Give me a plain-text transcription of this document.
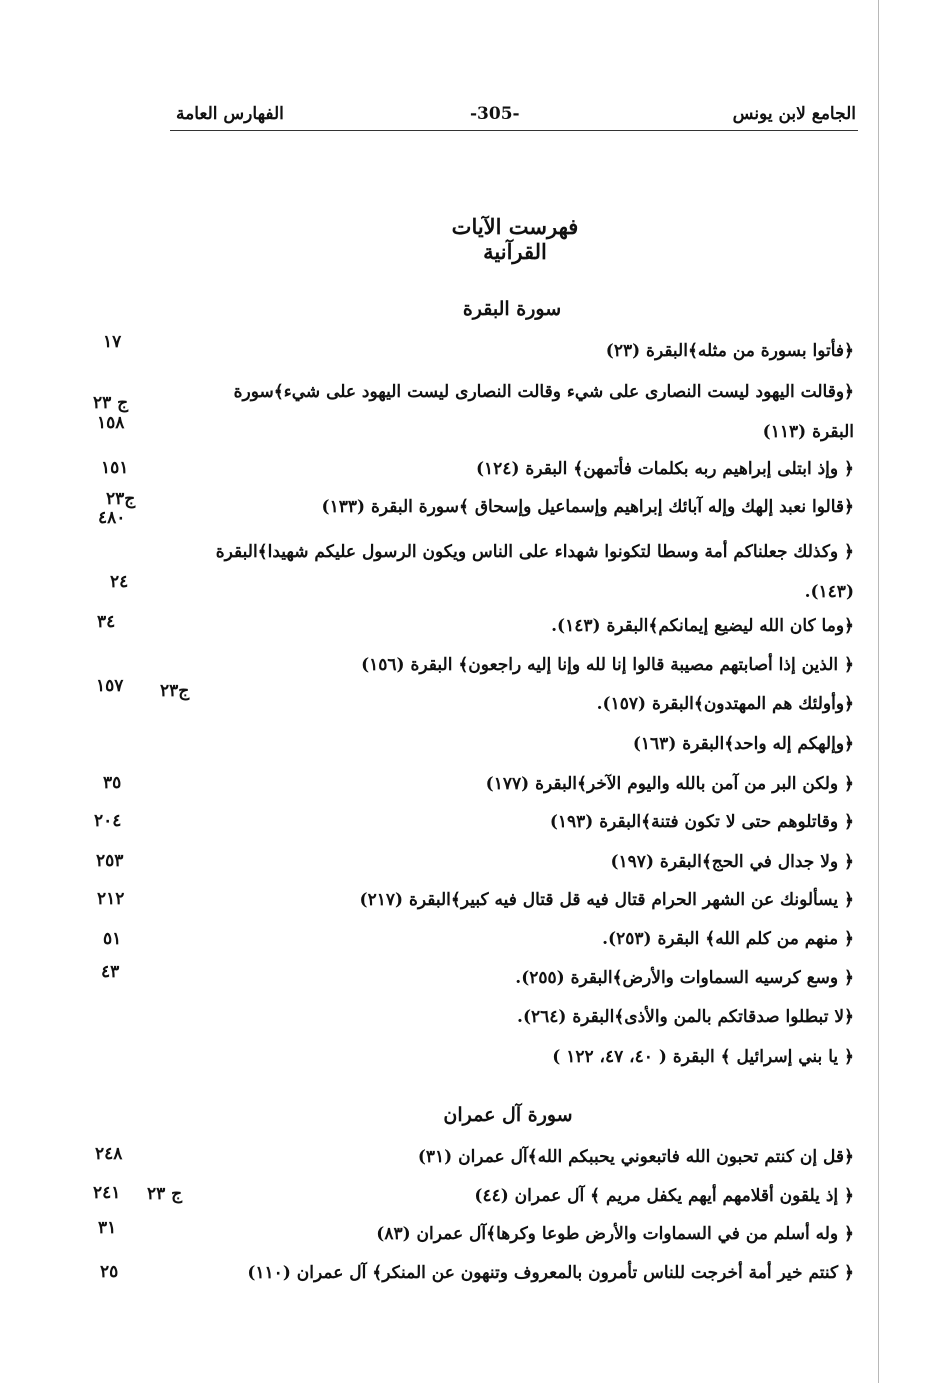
الجامع لابن يونس
-305-
الفهارس العامة
فهرست الآيات القرآنية
سورة البقرة
﴿فأتوا بسورة من مثله﴾البقرة (٢٣)
﴿وقالت اليهود ليست النصارى على شيء وقالت النصارى ليست اليهود على شيء﴾سورة البقرة (١١٣)
﴿ وإذ ابتلى إبراهيم ربه بكلمات فأتمهن﴾ البقرة (١٢٤)
﴿قالوا نعبد إلهك وإله آبائك إبراهيم وإسماعيل وإسحاق ﴾سورة البقرة (١٣٣)
﴿ وكذلك جعلناكم أمة وسطا لتكونوا شهداء على الناس ويكون الرسول عليكم شهيدا﴾البقرة (١٤٣).
﴿وما كان الله ليضيع إيمانكم﴾البقرة (١٤٣).
﴿ الذين إذا أصابتهم مصيبة قالوا إنا لله وإنا إليه راجعون﴾ البقرة (١٥٦)
﴿وأولئك هم المهتدون﴾البقرة (١٥٧).
﴿وإلهكم إله واحد﴾البقرة (١٦٣)
﴿ ولكن البر من آمن بالله واليوم الآخر﴾البقرة (١٧٧)
﴿ وقاتلوهم حتى لا تكون فتنة﴾البقرة (١٩٣)
﴿ ولا جدال في الحج﴾البقرة (١٩٧)
﴿ يسألونك عن الشهر الحرام قتال فيه قل قتال فيه كبير﴾البقرة (٢١٧)
﴿ منهم من كلم الله﴾ البقرة (٢٥٣).
﴿ وسع كرسيه السماوات والأرض﴾البقرة (٢٥٥).
﴿لا تبطلوا صدقاتكم بالمن والأذى﴾البقرة (٢٦٤).
﴿ يا بني إسرائيل ﴾ البقرة ( ٤٠، ٤٧، ١٢٢ )
سورة آل عمران
﴿قل إن كنتم تحبون الله فاتبعوني يحببكم الله﴾آل عمران (٣١)
﴿ إذ يلقون أقلامهم أيهم يكفل مريم ﴾ آل عمران (٤٤)
﴿ وله أسلم من في السماوات والأرض طوعا وكرها﴾آل عمران (٨٣)
﴿ كنتم خير أمة أخرجت للناس تأمرون بالمعروف وتنهون عن المنكر﴾ آل عمران (١١٠)
١٧
ج ٢٣
١٥٨
١٥١
ج٢٣
٤٨٠
٢٤
٣٤
١٥٧ ج٢٣
٣٥
٢٠٤
٢٥٣
٢١٢
٥١
٤٣
٢٤٨
٢٤١ ج ٢٣
٣١
٢٥
